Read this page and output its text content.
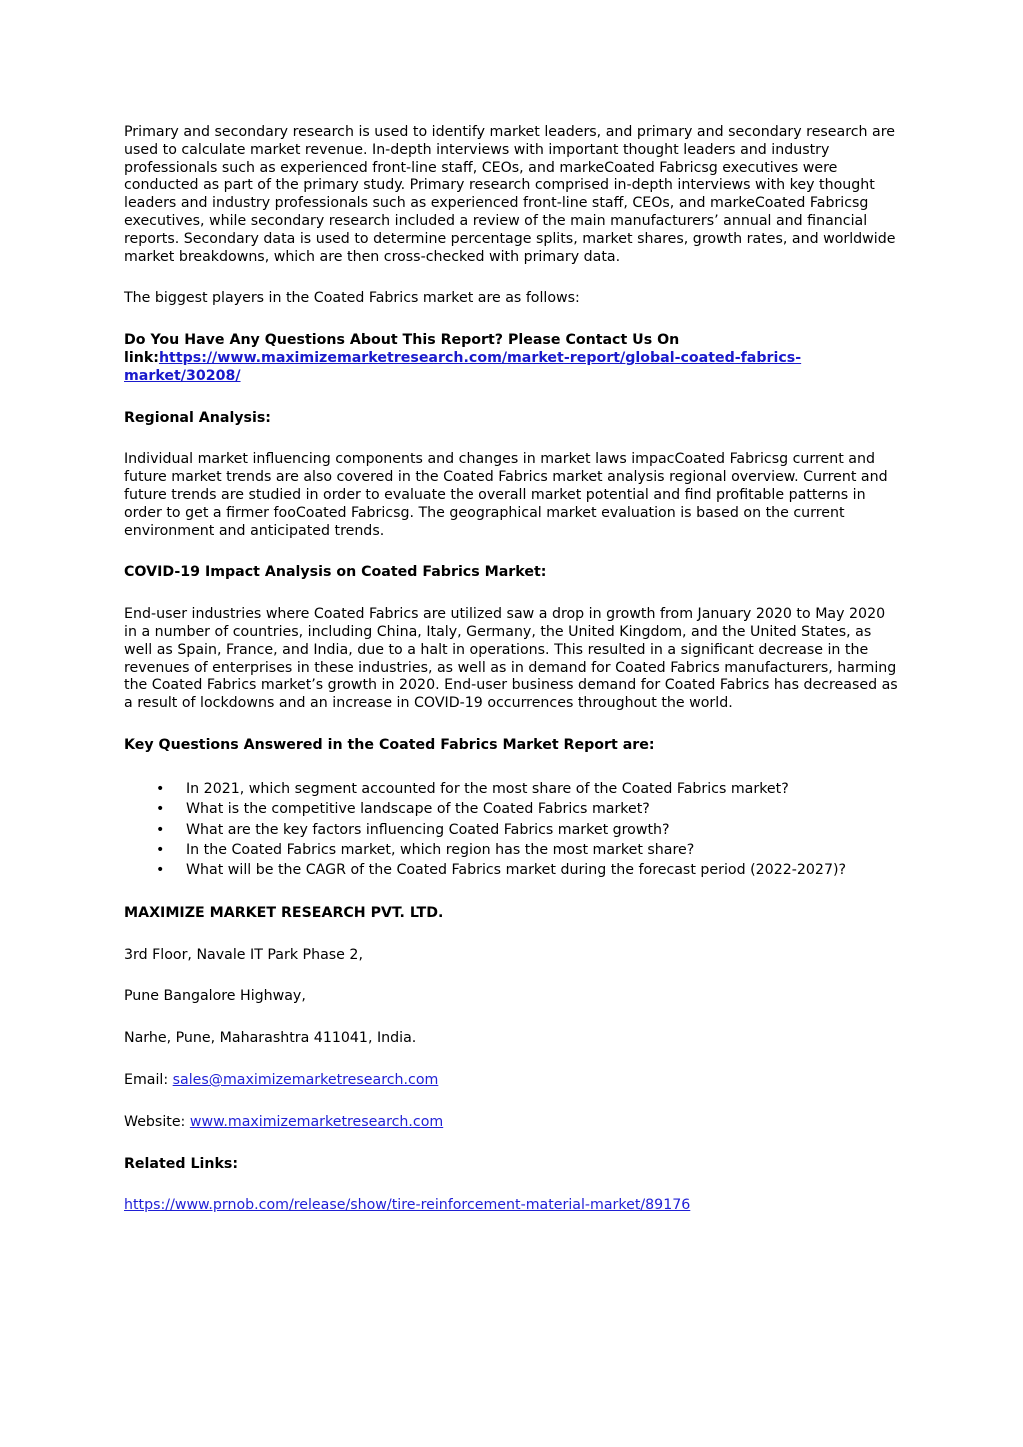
Primary and secondary research is used to identify market leaders, and primary and secondary research are used to calculate market revenue. In-depth interviews with important thought leaders and industry professionals such as experienced front-line staff, CEOs, and markeCoated Fabricsg executives were conducted as part of the primary study. Primary research comprised in-depth interviews with key thought leaders and industry professionals such as experienced front-line staff, CEOs, and markeCoated Fabricsg executives, while secondary research included a review of the main manufacturers’ annual and financial reports. Secondary data is used to determine percentage splits, market shares, growth rates, and worldwide market breakdowns, which are then cross-checked with primary data.

The biggest players in the Coated Fabrics market are as follows:

Do You Have Any Questions About This Report? Please Contact Us On link:https://www.maximizemarketresearch.com/market-report/global-coated-fabrics-market/30208/

Regional Analysis:

Individual market influencing components and changes in market laws impacCoated Fabricsg current and future market trends are also covered in the Coated Fabrics market analysis regional overview. Current and future trends are studied in order to evaluate the overall market potential and find profitable patterns in order to get a firmer fooCoated Fabricsg. The geographical market evaluation is based on the current environment and anticipated trends.

COVID-19 Impact Analysis on Coated Fabrics Market:

End-user industries where Coated Fabrics are utilized saw a drop in growth from January 2020 to May 2020 in a number of countries, including China, Italy, Germany, the United Kingdom, and the United States, as well as Spain, France, and India, due to a halt in operations. This resulted in a significant decrease in the revenues of enterprises in these industries, as well as in demand for Coated Fabrics manufacturers, harming the Coated Fabrics market’s growth in 2020. End-user business demand for Coated Fabrics has decreased as a result of lockdowns and an increase in COVID-19 occurrences throughout the world.

Key Questions Answered in the Coated Fabrics Market Report are:

• In 2021, which segment accounted for the most share of the Coated Fabrics market?
• What is the competitive landscape of the Coated Fabrics market?
• What are the key factors influencing Coated Fabrics market growth?
• In the Coated Fabrics market, which region has the most market share?
• What will be the CAGR of the Coated Fabrics market during the forecast period (2022-2027)?

MAXIMIZE MARKET RESEARCH PVT. LTD.

3rd Floor, Navale IT Park Phase 2,

Pune Bangalore Highway,

Narhe, Pune, Maharashtra 411041, India.

Email: sales@maximizemarketresearch.com

Website: www.maximizemarketresearch.com

Related Links:

https://www.prnob.com/release/show/tire-reinforcement-material-market/89176
